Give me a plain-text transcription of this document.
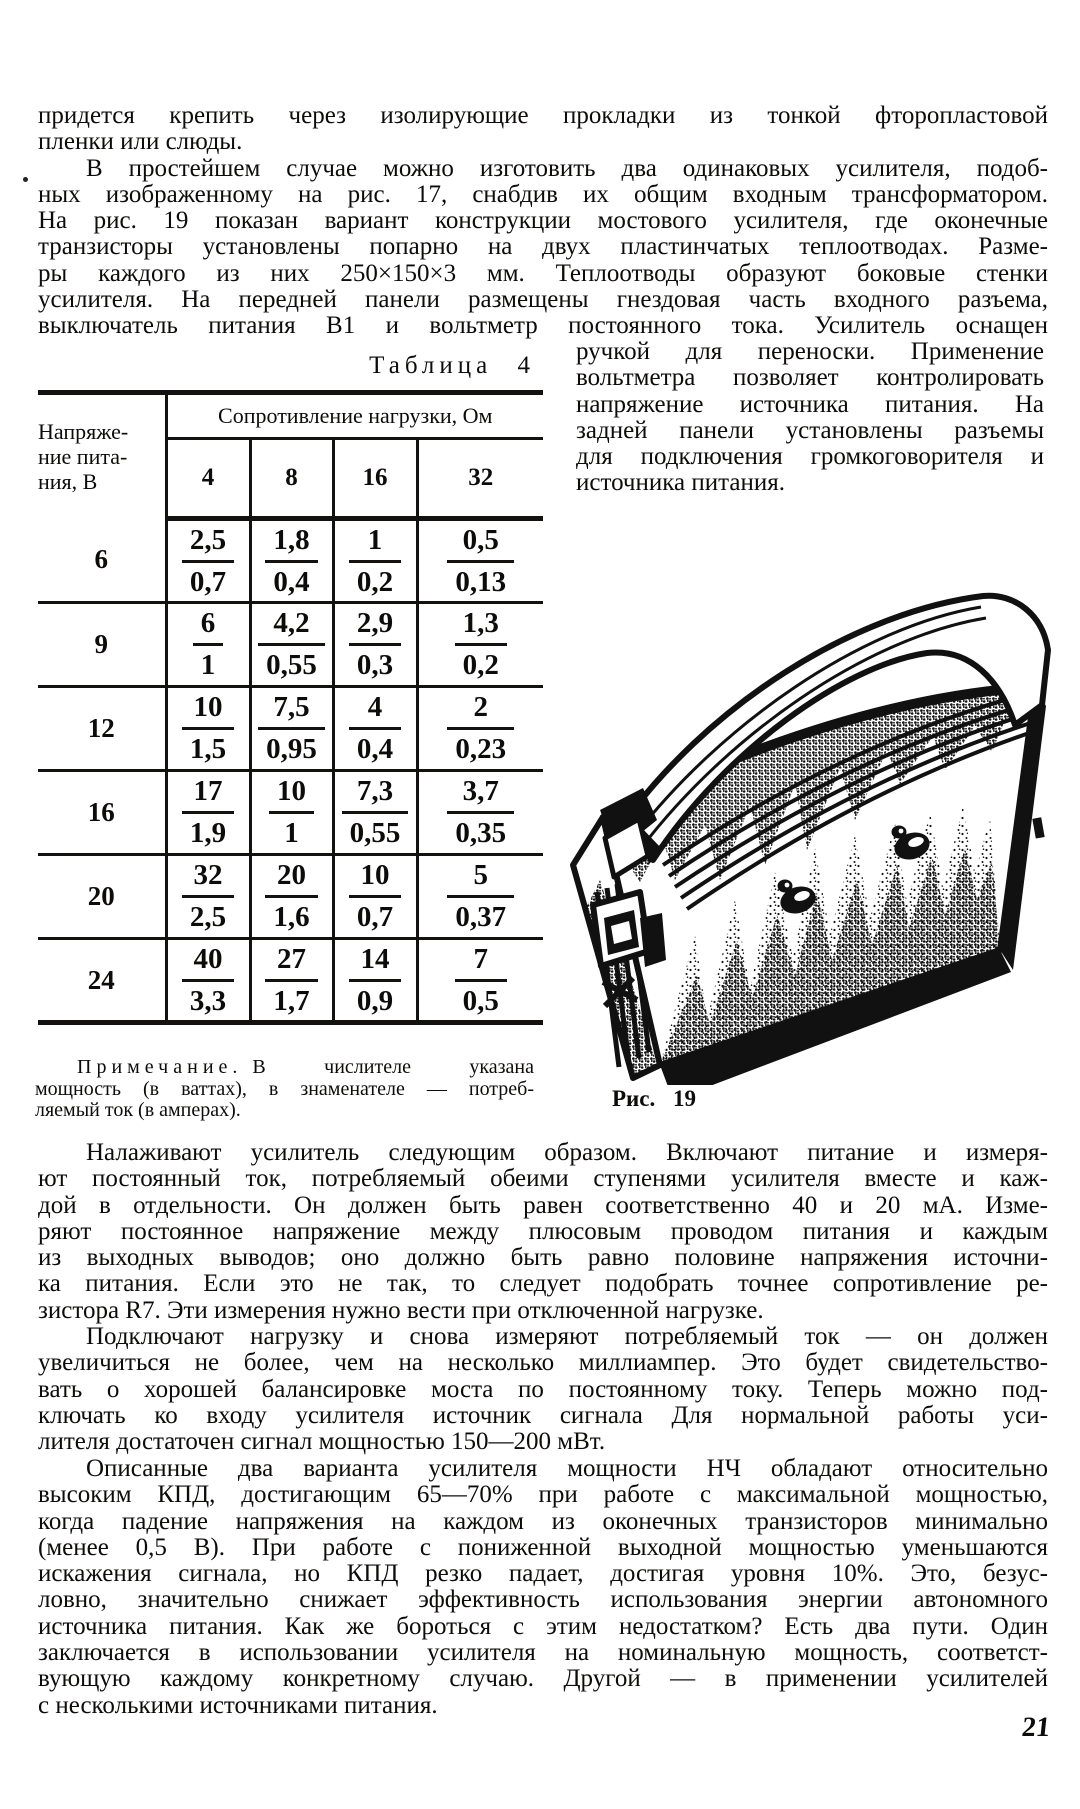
придется крепить через изолирующие прокладки из тонкой фторопластовой
пленки или слюды.
В простейшем случае можно изготовить два одинаковых усилителя, подоб-
ных изображенному на рис. 17, снабдив их общим входным трансформатором.
На рис. 19 показан вариант конструкции мостового усилителя, где оконечные
транзисторы установлены попарно на двух пластинчатых теплоотводах. Разме-
ры каждого из них 250×150×3 мм. Теплоотводы образуют боковые стенки
усилителя. На передней панели размещены гнездовая часть входного разъема,
выключатель питания В1 и вольтметр постоянного тока. Усилитель оснащен
ручкой для переноски. Применение
вольтметра позволяет контролировать
напряжение источника питания. На
задней панели установлены разъемы
для подключения громкоговорителя и
источника питания.
Таблица 4
Напряже-
ние пита-
ния, В	Сопротивление нагрузки, Ом			
	4	8	16	32
6	$\frac{2,5}{0,7}$	$\frac{1,8}{0,4}$	$\frac{1}{0,2}$	$\frac{0,5}{0,13}$

9	$\frac{6}{1}$	$\frac{4,2}{0,55}$	$\frac{2,9}{0,3}$	$\frac{1,3}{0,2}$

12	$\frac{10}{1,5}$	$\frac{7,5}{0,95}$	$\frac{4}{0,4}$	$\frac{2}{0,23}$

16	$\frac{17}{1,9}$	$\frac{10}{1}$	$\frac{7,3}{0,55}$	$\frac{3,7}{0,35}$

20	$\frac{32}{2,5}$	$\frac{20}{1,6}$	$\frac{10}{0,7}$	$\frac{5}{0,37}$

24	$\frac{40}{3,3}$	$\frac{27}{1,7}$	$\frac{14}{0,9}$	$\frac{7}{0,5}$
Примечание. В числителе указана
мощность (в ваттах), в знаменателе — потреб-
ляемый ток (в амперах).	Рис. 19
Налаживают усилитель следующим образом. Включают питание и измеря-
ют постоянный ток, потребляемый обеими ступенями усилителя вместе и каж-
дой в отдельности. Он должен быть равен соответственно 40 и 20 мА. Изме-
ряют постоянное напряжение между плюсовым проводом питания и каждым
из выходных выводов; оно должно быть равно половине напряжения источни-
ка питания. Если это не так, то следует подобрать точнее сопротивление ре-
зистора R7. Эти измерения нужно вести при отключенной нагрузке.
Подключают нагрузку и снова измеряют потребляемый ток — он должен
увеличиться не более, чем на несколько миллиампер. Это будет свидетельство-
вать о хорошей балансировке моста по постоянному току. Теперь можно под-
ключать ко входу усилителя источник сигнала Для нормальной работы уси-
лителя достаточен сигнал мощностью 150—200 мВт.
Описанные два варианта усилителя мощности НЧ обладают относительно
высоким КПД, достигающим 65—70% при работе с максимальной мощностью,
когда падение напряжения на каждом из оконечных транзисторов минимально
(менее 0,5 В). При работе с пониженной выходной мощностью уменьшаются
искажения сигнала, но КПД резко падает, достигая уровня 10%. Это, безус-
ловно, значительно снижает эффективность использования энергии автономного
источника питания. Как же бороться с этим недостатком? Есть два пути. Один
заключается в использовании усилителя на номинальную мощность, соответст-
вующую каждому конкретному случаю. Другой — в применении усилителей
с несколькими источниками питания.
21
